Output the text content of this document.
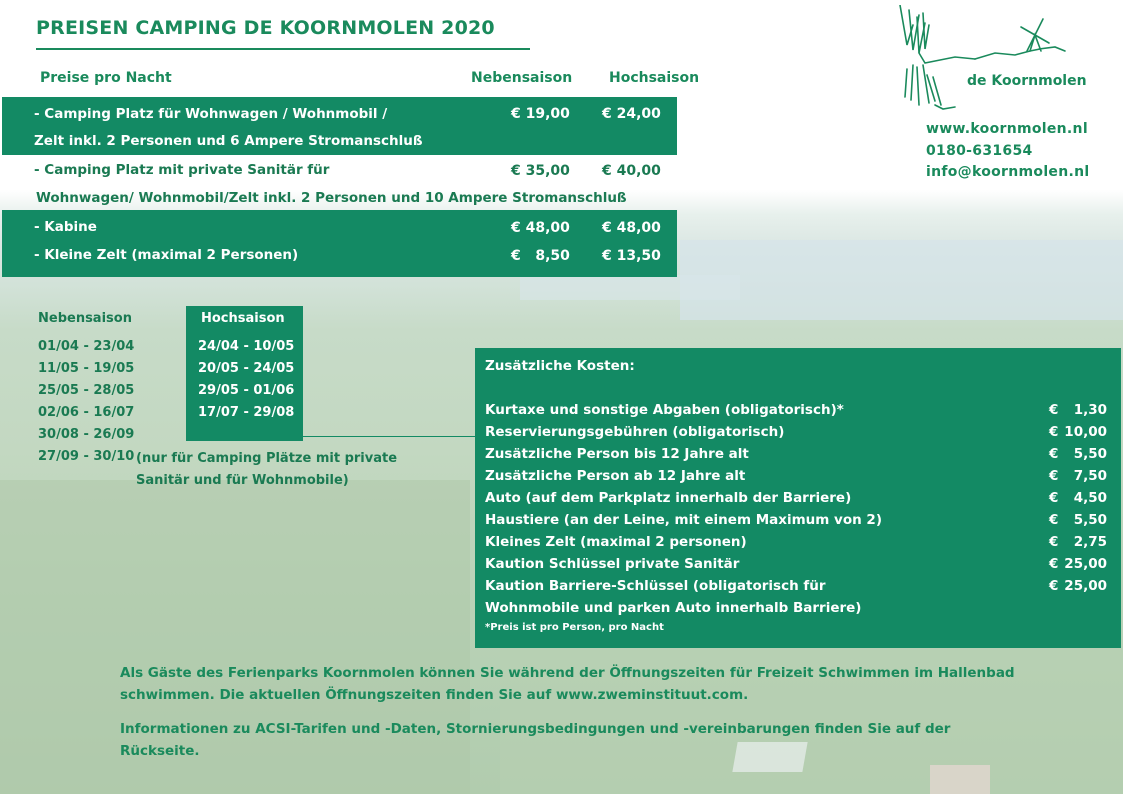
PREISEN CAMPING DE KOORNMOLEN 2020
de Koornmolen
www.koornmolen.nl
0180-631654
info@koornmolen.nl
Preise pro Nacht	Nebensaison	Hochsaison
- Camping Platz für Wohnwagen / Wohnmobil /
Zelt inkl. 2 Personen und 6 Ampere Stromanschluß
€ 19,00 € 24,00
- Camping Platz mit private Sanitär für
Wohnwagen/ Wohnmobil/Zelt inkl. 2 Personen und 10 Ampere Stromanschluß
€ 35,00 € 40,00
- Kabine	€ 48,00 € 48,00
- Kleine Zelt (maximal 2 Personen)	€   8,50 € 13,50
Nebensaison
01/04 - 23/04
11/05 - 19/05
25/05 - 28/05
02/06 - 16/07
30/08 - 26/09
27/09 - 30/10
Hochsaison
24/04 - 10/05
20/05 - 24/05
29/05 - 01/06
17/07 - 29/08
(nur für Camping Plätze mit private
Sanitär und für Wohnmobile)
Zusätzliche Kosten:
Kurtaxe und sonstige Abgaben (obligatorisch)*	€ 1,30
Reservierungsgebühren (obligatorisch)	€ 10,00
Zusätzliche Person bis 12 Jahre alt	€ 5,50
Zusätzliche Person ab 12 Jahre alt	€ 7,50
Auto (auf dem Parkplatz innerhalb der Barriere)	€ 4,50
Haustiere (an der Leine, mit einem Maximum von 2)	€ 5,50
Kleines Zelt (maximal 2 personen)	€ 2,75
Kaution Schlüssel private Sanitär	€ 25,00
Kaution Barriere-Schlüssel (obligatorisch für	€ 25,00
Wohnmobile und parken Auto innerhalb Barriere)
*Preis ist pro Person, pro Nacht
Als Gäste des Ferienparks Koornmolen können Sie während der Öffnungszeiten für Freizeit Schwimmen im Hallenbad
schwimmen. Die aktuellen Öffnungszeiten finden Sie auf www.zweminstituut.com.
Informationen zu ACSI-Tarifen und -Daten, Stornierungsbedingungen und -vereinbarungen finden Sie auf der
Rückseite.
